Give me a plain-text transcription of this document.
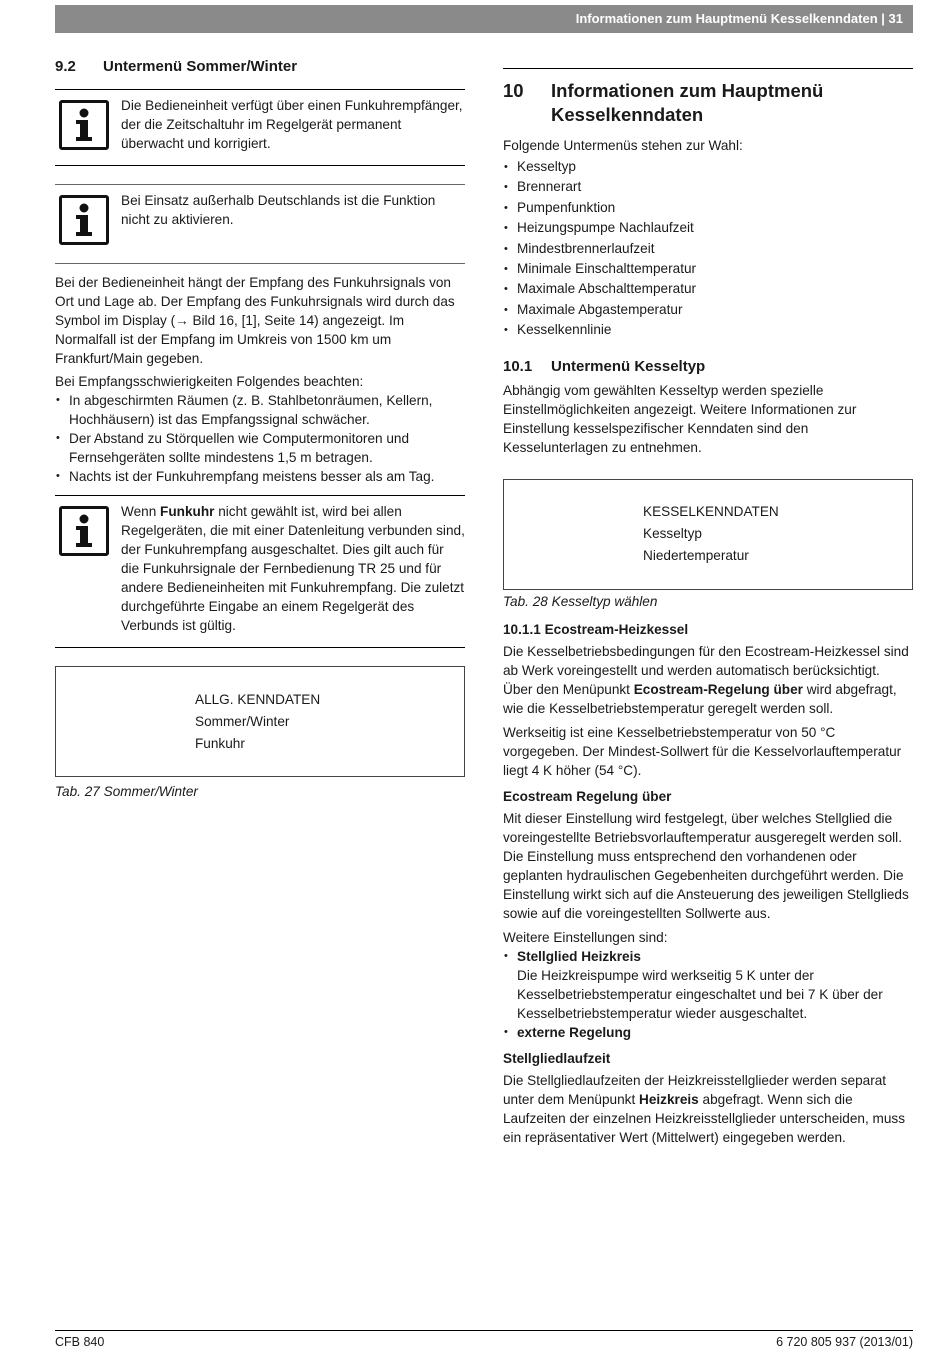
Informationen zum Hauptmenü Kesselkenndaten | 31
9.2 Untermenü Sommer/Winter

Die Bedieneinheit verfügt über einen Funkuhrempfänger, der die Zeitschaltuhr im Regelgerät permanent überwacht und korrigiert.

Bei Einsatz außerhalb Deutschlands ist die Funktion nicht zu aktivieren.

Bei der Bedieneinheit hängt der Empfang des Funkuhrsignals von Ort und Lage ab. Der Empfang des Funkuhrsignals wird durch das Symbol im Display (→ Bild 16, [1], Seite 14) angezeigt. Im Normalfall ist der Empfang im Umkreis von 1500 km um Frankfurt/Main gegeben.

Bei Empfangsschwierigkeiten Folgendes beachten:

• In abgeschirmten Räumen (z. B. Stahlbetonräumen, Kellern, Hochhäusern) ist das Empfangssignal schwächer.
• Der Abstand zu Störquellen wie Computermonitoren und Fernsehgeräten sollte mindestens 1,5 m betragen.
• Nachts ist der Funkuhrempfang meistens besser als am Tag.

Wenn Funkuhr nicht gewählt ist, wird bei allen Regelgeräten, die mit einer Datenleitung verbunden sind, der Funkuhrempfang ausgeschaltet. Dies gilt auch für die Funkuhrsignale der Fernbedienung TR 25 und für andere Bedieneinheiten mit Funkuhrempfang. Die zuletzt durchgeführte Eingabe an einem Regelgerät des Verbunds ist gültig.

ALLG. KENNDATEN
Sommer/Winter
Funkuhr
Tab. 27 Sommer/Winter
10 Informationen zum Hauptmenü Kesselkenndaten

Folgende Untermenüs stehen zur Wahl:

• Kesseltyp
• Brennerart
• Pumpenfunktion
• Heizungspumpe Nachlaufzeit
• Mindestbrennerlaufzeit
• Minimale Einschalttemperatur
• Maximale Abschalttemperatur
• Maximale Abgastemperatur
• Kesselkennlinie
10.1 Untermenü Kesseltyp

Abhängig vom gewählten Kesseltyp werden spezielle Einstellmöglichkeiten angezeigt. Weitere Informationen zur Einstellung kesselspezifischer Kenndaten sind den Kesselunterlagen zu entnehmen.

KESSELKENNDATEN
Kesseltyp
Niedertemperatur
Tab. 28 Kesseltyp wählen
10.1.1 Ecostream-Heizkessel

Die Kesselbetriebsbedingungen für den Ecostream-Heizkessel sind ab Werk voreingestellt und werden automatisch berücksichtigt. Über den Menüpunkt Ecostream-Regelung über wird abgefragt, wie die Kesselbetriebstemperatur geregelt werden soll.

Werkseitig ist eine Kesselbetriebstemperatur von 50 °C vorgegeben. Der Mindest-Sollwert für die Kesselvorlauftemperatur liegt 4 K höher (54 °C).

Ecostream Regelung über

Mit dieser Einstellung wird festgelegt, über welches Stellglied die voreingestellte Betriebsvorlauftemperatur ausgeregelt werden soll. Die Einstellung muss entsprechend den vorhandenen oder geplanten hydraulischen Gegebenheiten durchgeführt werden. Die Einstellung wirkt sich auf die Ansteuerung des jeweiligen Stellglieds sowie auf die voreingestellten Sollwerte aus.

Weitere Einstellungen sind:

• Stellglied Heizkreis
Die Heizkreispumpe wird werkseitig 5 K unter der Kesselbetriebstemperatur eingeschaltet und bei 7 K über der Kesselbetriebstemperatur wieder ausgeschaltet.
• externe Regelung
Stellgliedlaufzeit

Die Stellgliedlaufzeiten der Heizkreisstellglieder werden separat unter dem Menüpunkt Heizkreis abgefragt. Wenn sich die Laufzeiten der einzelnen Heizkreisstellglieder unterscheiden, muss ein repräsentativer Wert (Mittelwert) eingegeben werden.

CFB 840	6 720 805 937 (2013/01)
